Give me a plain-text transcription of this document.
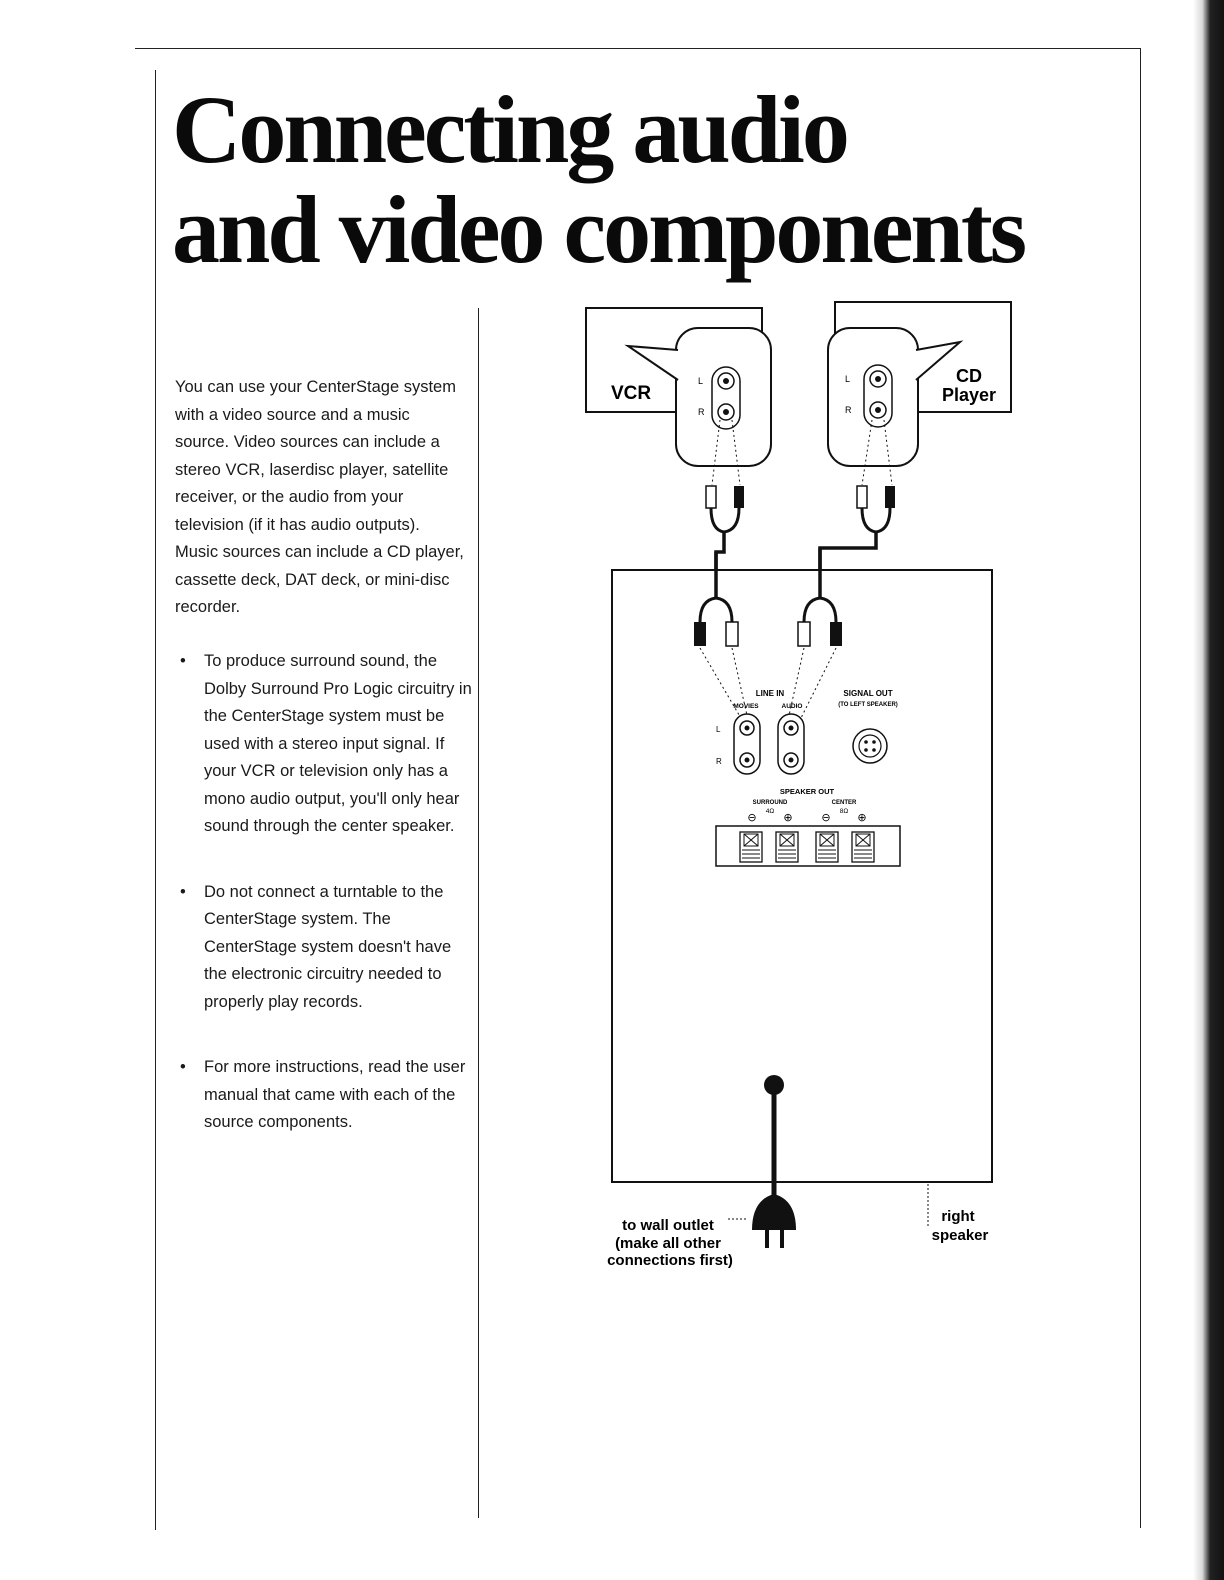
Connecting audio
and video components

You can use your CenterStage system with a video source and a music source. Video sources can include a stereo VCR, laserdisc player, satellite receiver, or the audio from your television (if it has audio outputs). Music sources can include a CD player, cassette deck, DAT deck, or mini-disc recorder.

• To produce surround sound, the Dolby Surround Pro Logic circuitry in the CenterStage system must be used with a stereo input signal. If your VCR or television only has a mono audio output, you'll only hear sound through the center speaker.
• Do not connect a turntable to the CenterStage system. The CenterStage system doesn't have the electronic circuitry needed to properly play records.
• For more instructions, read the user manual that came with each of the source components.
VCR
L
R
CD
Player
L
R
LINE IN
MOVIES	AUDIO
L
R
SIGNAL OUT
(TO LEFT SPEAKER)
SPEAKER OUT
SURROUND
4Ω
CENTER
8Ω
⊖ ⊕	⊖ ⊕
to wall outlet
(make all other
connections first)
right
speaker
